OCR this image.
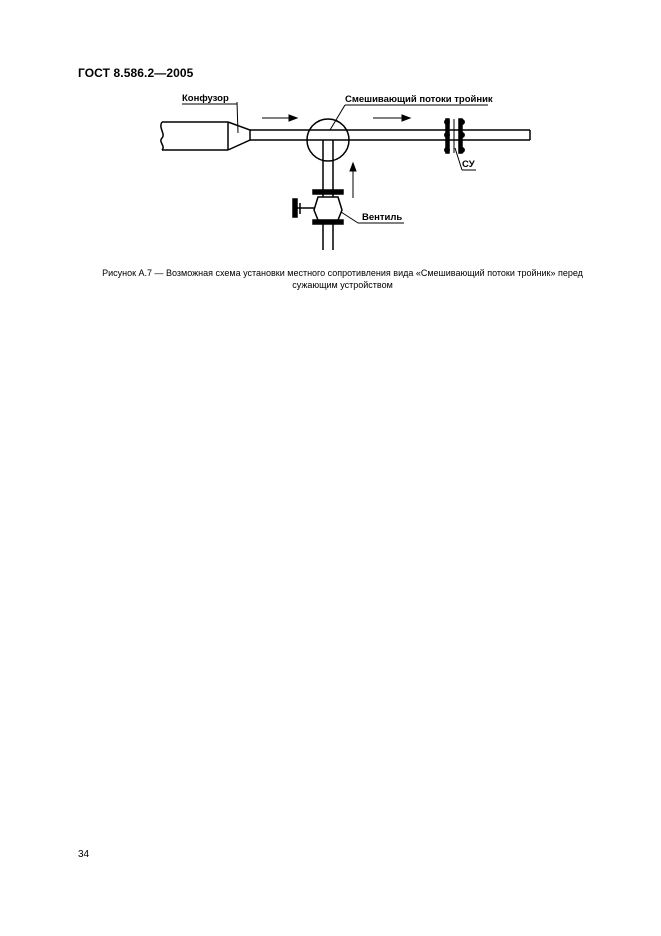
ГОСТ 8.586.2—2005
Конфузор	Смешивающий потоки тройник
СУ
Вентиль
Рисунок А.7 — Возможная схема установки местного сопротивления вида «Смешивающий потоки тройник» перед
сужающим устройством
34
